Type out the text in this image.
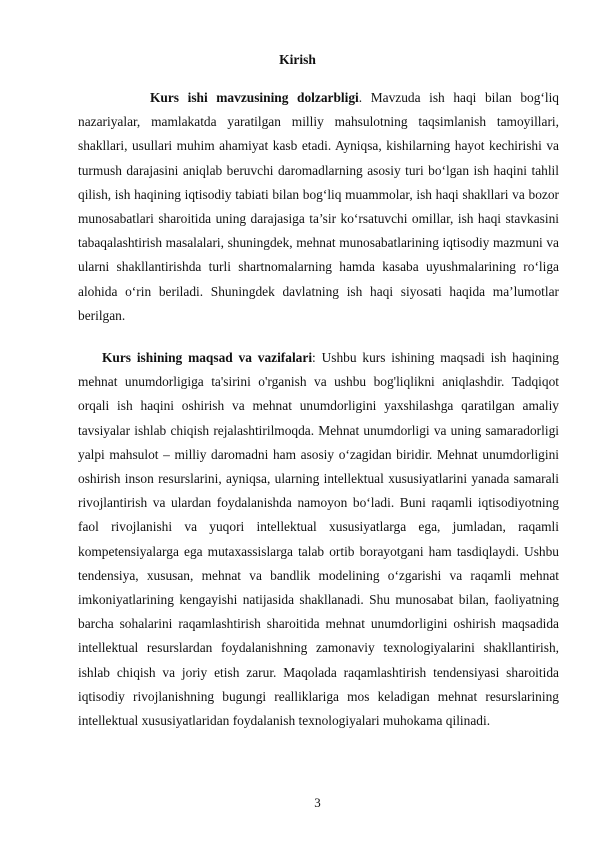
Kirish

Kurs ishi mavzusining dolzarbligi. Mavzuda ish haqi bilan bog‘liq nazariyalar, mamlakatda yaratilgan milliy mahsulotning taqsimlanish tamoyillari, shakllari, usullari muhim ahamiyat kasb etadi. Ayniqsa, kishilarning hayot kechirishi va turmush darajasini aniqlab beruvchi daromadlarning asosiy turi bo‘lgan ish haqini tahlil qilish, ish haqining iqtisodiy tabiati bilan bog‘liq muammolar, ish haqi shakllari va bozor munosabatlari sharoitida uning darajasiga ta’sir ko‘rsatuvchi omillar, ish haqi stavkasini tabaqalashtirish masalalari, shuningdek, mehnat munosabatlarining iqtisodiy mazmuni va ularni shakllantirishda turli shartnomalarning hamda kasaba uyushmalarining ro‘liga alohida o‘rin beriladi. Shuningdek davlatning ish haqi siyosati haqida ma’lumotlar berilgan.

Kurs ishining maqsad va vazifalari: Ushbu kurs ishining maqsadi ish haqining mehnat unumdorligiga ta'sirini o'rganish va ushbu bog'liqlikni aniqlashdir. Tadqiqot orqali ish haqini oshirish va mehnat unumdorligini yaxshilashga qaratilgan amaliy tavsiyalar ishlab chiqish rejalashtirilmoqda. Mehnat unumdorligi va uning samaradorligi yalpi mahsulot – milliy daromadni ham asosiy o‘zagidan biridir. Mehnat unumdorligini oshirish inson resurslarini, ayniqsa, ularning intellektual xususiyatlarini yanada samarali rivojlantirish va ulardan foydalanishda namoyon bo‘ladi. Buni raqamli iqtisodiyotning faol rivojlanishi va yuqori intellektual xususiyatlarga ega, jumladan, raqamli kompetensiyalarga ega mutaxassislarga talab ortib borayotgani ham tasdiqlaydi. Ushbu tendensiya, xususan, mehnat va bandlik modelining o‘zgarishi va raqamli mehnat imkoniyatlarining kengayishi natijasida shakllanadi. Shu munosabat bilan, faoliyatning barcha sohalarini raqamlashtirish sharoitida mehnat unumdorligini oshirish maqsadida intellektual resurslardan foydalanishning zamonaviy texnologiyalarini shakllantirish, ishlab chiqish va joriy etish zarur. Maqolada raqamlashtirish tendensiyasi sharoitida iqtisodiy rivojlanishning bugungi realliklariga mos keladigan mehnat resurslarining intellektual xususiyatlaridan foydalanish texnologiyalari muhokama qilinadi.

3
